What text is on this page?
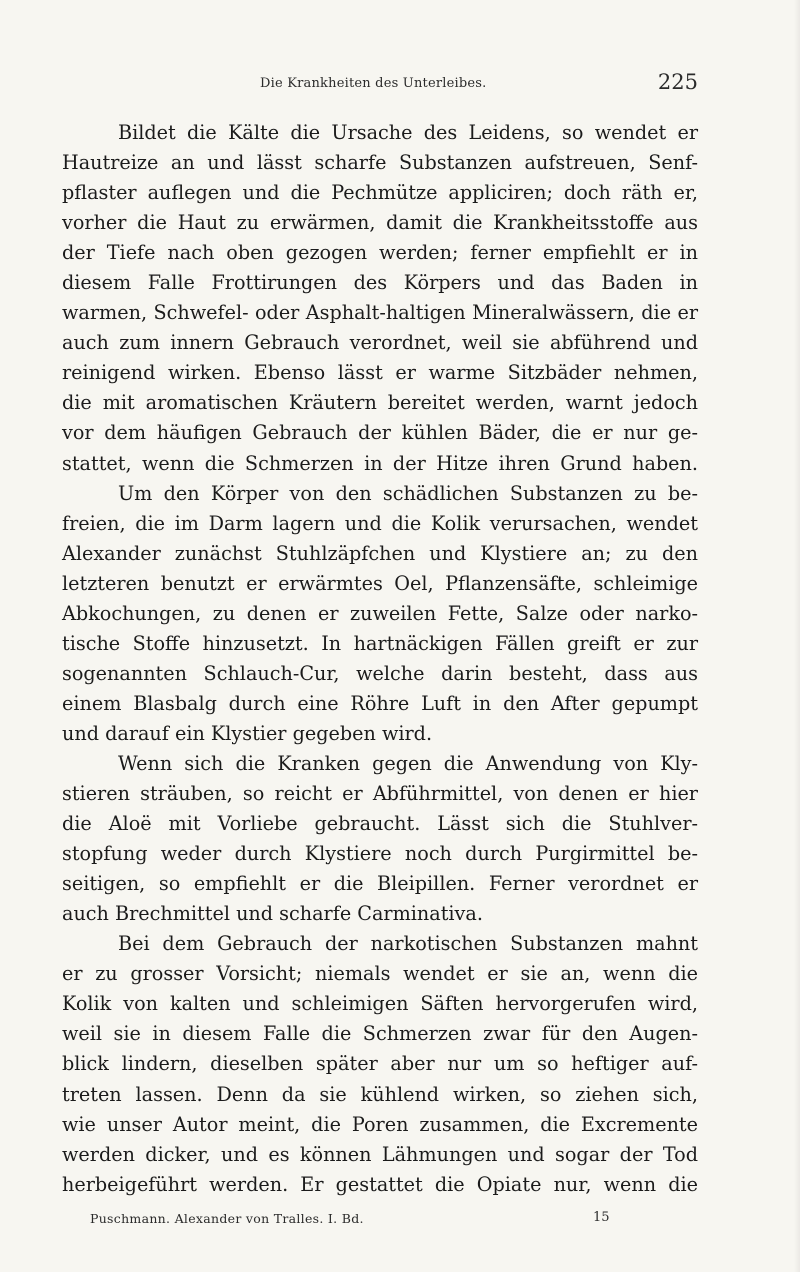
Die Krankheiten des Unterleibes.	225
Bildet die Kälte die Ursache des Leidens, so wendet er
Hautreize an und lässt scharfe Substanzen aufstreuen, Senf-
pflaster auflegen und die Pechmütze appliciren; doch räth er,
vorher die Haut zu erwärmen, damit die Krankheitsstoffe aus
der Tiefe nach oben gezogen werden; ferner empfiehlt er in
diesem Falle Frottirungen des Körpers und das Baden in
warmen, Schwefel- oder Asphalt-haltigen Mineralwässern, die er
auch zum innern Gebrauch verordnet, weil sie abführend und
reinigend wirken. Ebenso lässt er warme Sitzbäder nehmen,
die mit aromatischen Kräutern bereitet werden, warnt jedoch
vor dem häufigen Gebrauch der kühlen Bäder, die er nur ge-
stattet, wenn die Schmerzen in der Hitze ihren Grund haben.
Um den Körper von den schädlichen Substanzen zu be-
freien, die im Darm lagern und die Kolik verursachen, wendet
Alexander zunächst Stuhlzäpfchen und Klystiere an; zu den
letzteren benutzt er erwärmtes Oel, Pflanzensäfte, schleimige
Abkochungen, zu denen er zuweilen Fette, Salze oder narko-
tische Stoffe hinzusetzt. In hartnäckigen Fällen greift er zur
sogenannten Schlauch-Cur, welche darin besteht, dass aus
einem Blasbalg durch eine Röhre Luft in den After gepumpt
und darauf ein Klystier gegeben wird.
Wenn sich die Kranken gegen die Anwendung von Kly-
stieren sträuben, so reicht er Abführmittel, von denen er hier
die Aloë mit Vorliebe gebraucht. Lässt sich die Stuhlver-
stopfung weder durch Klystiere noch durch Purgirmittel be-
seitigen, so empfiehlt er die Bleipillen. Ferner verordnet er
auch Brechmittel und scharfe Carminativa.
Bei dem Gebrauch der narkotischen Substanzen mahnt
er zu grosser Vorsicht; niemals wendet er sie an, wenn die
Kolik von kalten und schleimigen Säften hervorgerufen wird,
weil sie in diesem Falle die Schmerzen zwar für den Augen-
blick lindern, dieselben später aber nur um so heftiger auf-
treten lassen. Denn da sie kühlend wirken, so ziehen sich,
wie unser Autor meint, die Poren zusammen, die Excremente
werden dicker, und es können Lähmungen und sogar der Tod
herbeigeführt werden. Er gestattet die Opiate nur, wenn die
Puschmann. Alexander von Tralles. I. Bd.	15
